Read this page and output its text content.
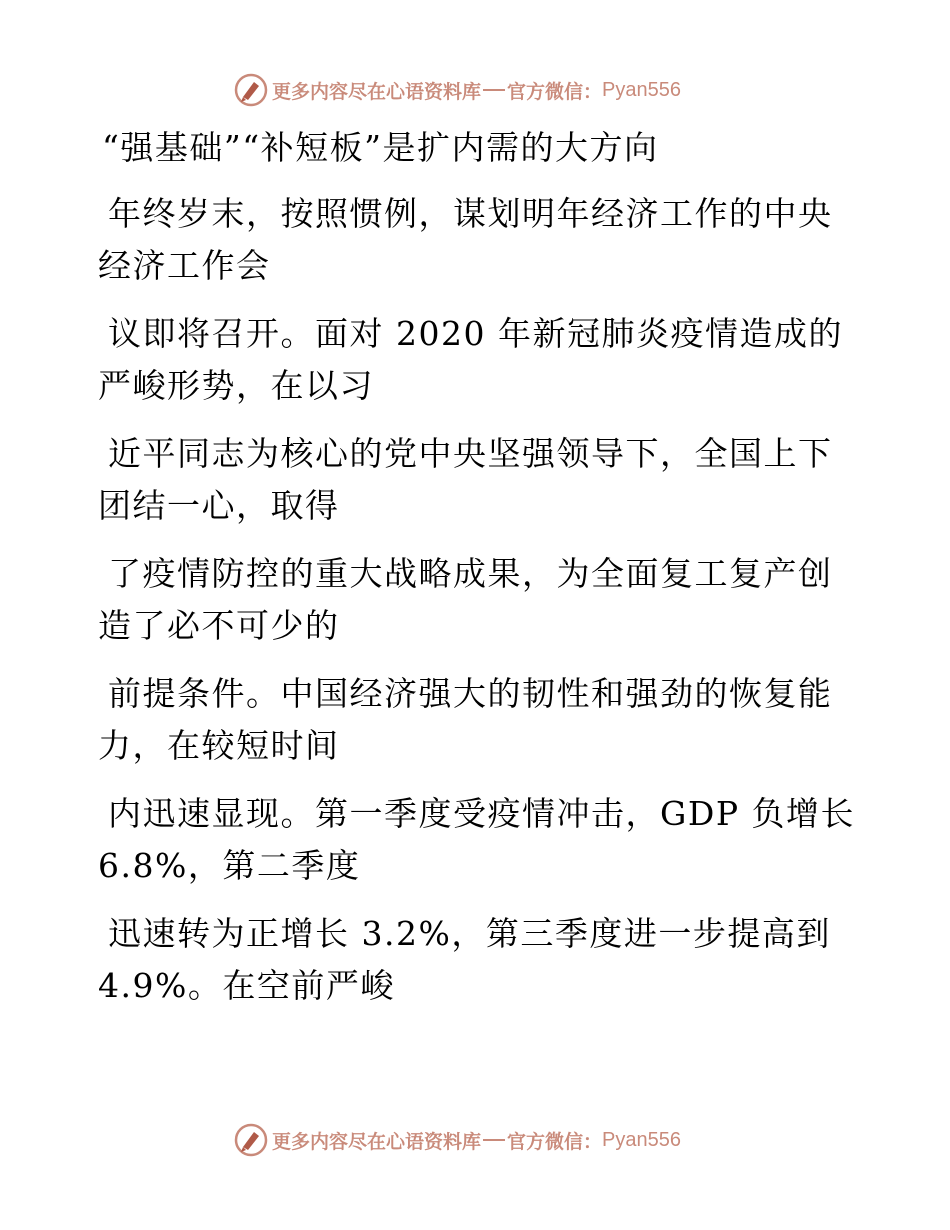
更多内容尽在心语资料库 官方微信： Pyan556
“强基础”“补短板”是扩内需的大方向
年终岁末，按照惯例，谋划明年经济工作的中央
经济工作会
议即将召开。面对 2020 年新冠肺炎疫情造成的
严峻形势，在以习
近平同志为核心的党中央坚强领导下，全国上下
团结一心，取得
了疫情防控的重大战略成果，为全面复工复产创
造了必不可少的
前提条件。中国经济强大的韧性和强劲的恢复能
力，在较短时间
内迅速显现。第一季度受疫情冲击，GDP 负增长
6.8%，第二季度
迅速转为正增长 3.2%，第三季度进一步提高到
4.9%。在空前严峻
更多内容尽在心语资料库 官方微信： Pyan556
